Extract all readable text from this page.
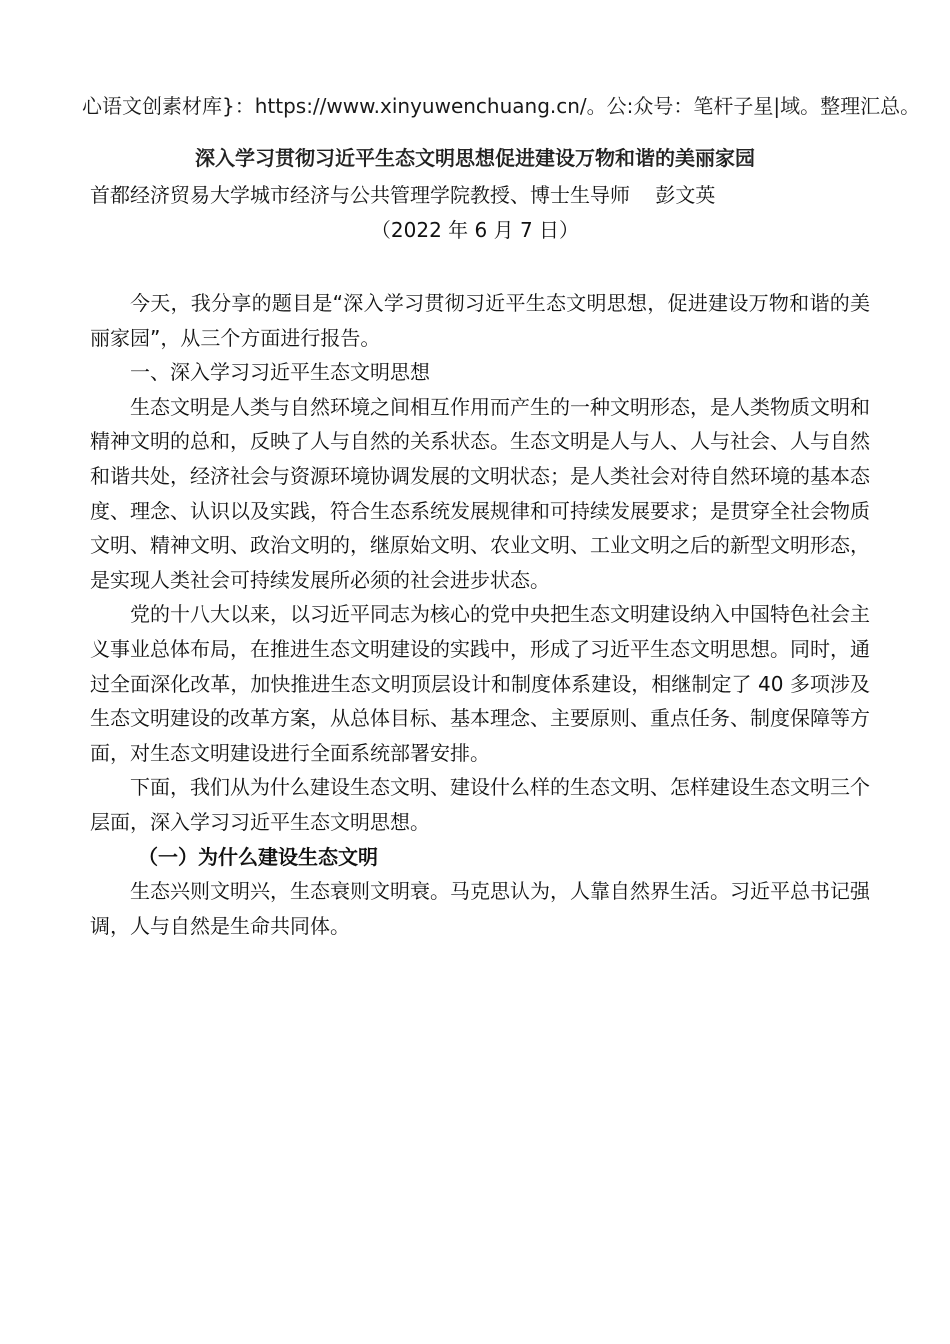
心语文创素材库}：https://www.xinyuwenchuang.cn/。公:众号：笔杆子星|域。整理汇总。
深入学习贯彻习近平生态文明思想促进建设万物和谐的美丽家园
首都经济贸易大学城市经济与公共管理学院教授、博士生导师    彭文英
（2022 年 6 月 7 日）

今天，我分享的题目是“深入学习贯彻习近平生态文明思想，促进建设万物和谐的美丽家园”，从三个方面进行报告。

一、深入学习习近平生态文明思想

生态文明是人类与自然环境之间相互作用而产生的一种文明形态，是人类物质文明和精神文明的总和，反映了人与自然的关系状态。生态文明是人与人、人与社会、人与自然和谐共处，经济社会与资源环境协调发展的文明状态；是人类社会对待自然环境的基本态度、理念、认识以及实践，符合生态系统发展规律和可持续发展要求；是贯穿全社会物质文明、精神文明、政治文明的，继原始文明、农业文明、工业文明之后的新型文明形态，是实现人类社会可持续发展所必须的社会进步状态。

党的十八大以来，以习近平同志为核心的党中央把生态文明建设纳入中国特色社会主义事业总体布局，在推进生态文明建设的实践中，形成了习近平生态文明思想。同时，通过全面深化改革，加快推进生态文明顶层设计和制度体系建设，相继制定了 40 多项涉及生态文明建设的改革方案，从总体目标、基本理念、主要原则、重点任务、制度保障等方面，对生态文明建设进行全面系统部署安排。

下面，我们从为什么建设生态文明、建设什么样的生态文明、怎样建设生态文明三个层面，深入学习习近平生态文明思想。

（一）为什么建设生态文明

生态兴则文明兴，生态衰则文明衰。马克思认为，人靠自然界生活。习近平总书记强调，人与自然是生命共同体。
